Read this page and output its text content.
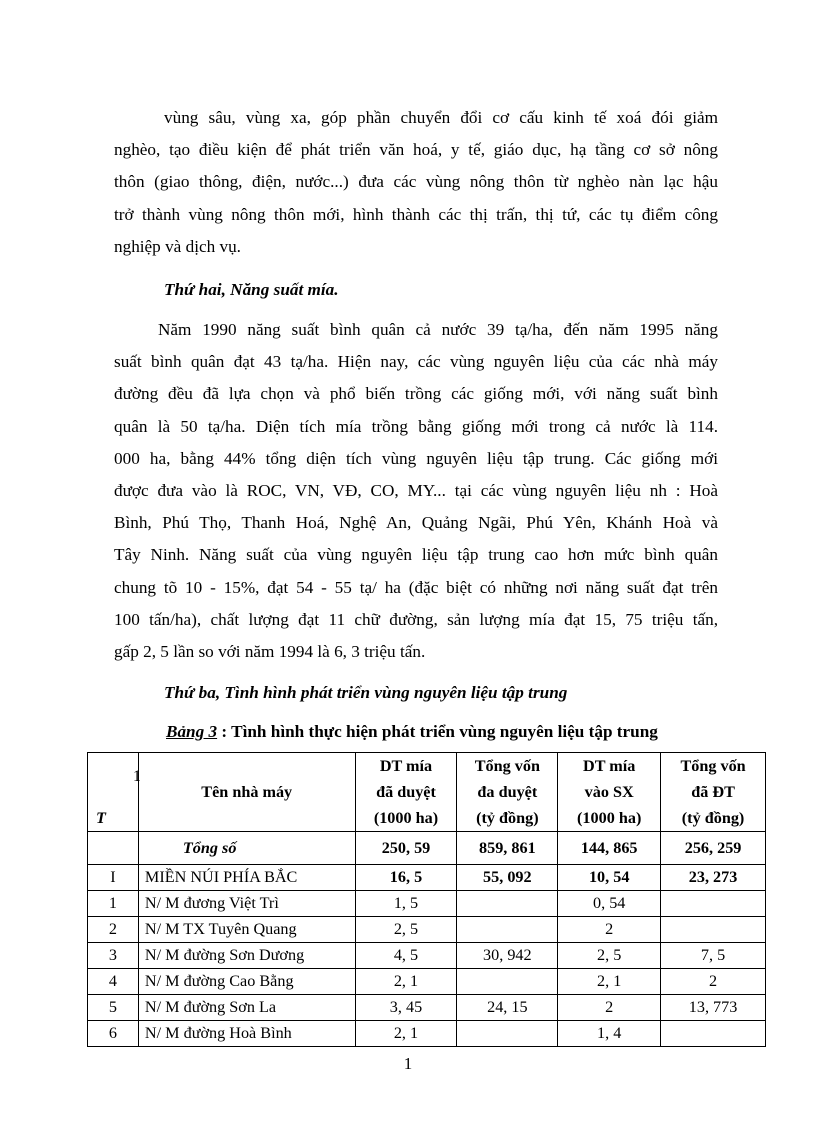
vùng sâu, vùng xa, góp phần chuyển đổi cơ cấu kinh tế xoá đói giảm
nghèo, tạo điều kiện để phát triển văn hoá, y tế, giáo dục, hạ tầng cơ sở nông
thôn (giao thông, điện, nước...) đưa các vùng nông thôn từ nghèo nàn lạc hậu
trở thành vùng nông thôn mới, hình thành các thị trấn, thị tứ, các tụ điểm công
nghiệp và dịch vụ.

Thứ hai, Năng suất mía.

Năm 1990 năng suất bình quân cả nước 39 tạ/ha, đến năm 1995 năng
suất bình quân đạt 43 tạ/ha. Hiện nay, các vùng nguyên liệu của các nhà máy
đường đều đã lựa chọn và phổ biến trồng các giống mới, với năng suất bình
quân là 50 tạ/ha. Diện tích mía trồng bằng giống mới trong cả nước là 114.
000 ha, bằng 44% tổng diện tích vùng nguyên liệu tập trung. Các giống mới
được đưa vào là ROC, VN, VĐ, CO, MY... tại các vùng nguyên liệu nh : Hoà
Bình, Phú Thọ, Thanh Hoá, Nghệ An, Quảng Ngãi, Phú Yên, Khánh Hoà và
Tây Ninh. Năng suất của vùng nguyên liệu tập trung cao hơn mức bình quân
chung tõ 10 - 15%, đạt 54 - 55 tạ/ ha (đặc biệt có những nơi năng suất đạt trên
100 tấn/ha), chất lượng đạt 11 chữ đường, sản lượng mía đạt 15, 75 triệu tấn,
gấp 2, 5 lần so với năm 1994 là 6, 3 triệu tấn.

Thứ ba, Tình hình phát triển vùng nguyên liệu tập trung

Bảng 3 : Tình hình thực hiện phát triển vùng nguyên liệu tập trung

1
T	Tên nhà máy	DT mía
đã duyệt
(1000 ha)	Tổng vốn
đa duyệt
(tỷ đồng)	DT mía
vào SX
(1000 ha)	Tổng vốn
đã ĐT
(tỷ đồng)
	Tổng số	250, 59	859, 861	144, 865	256, 259
I	MIỀN NÚI PHÍA BẮC	16, 5	55, 092	10, 54	23, 273
1	N/ M đương Việt Trì	1, 5		0, 54	
2	N/ M TX Tuyên Quang	2, 5		2	
3	N/ M đường Sơn Dương	4, 5	30, 942	2, 5	7, 5
4	N/ M đường Cao Bằng	2, 1		2, 1	2
5	N/ M đường Sơn La	3, 45	24, 15	2	13, 773
6	N/ M đường Hoà Bình	2, 1		1, 4	

1
